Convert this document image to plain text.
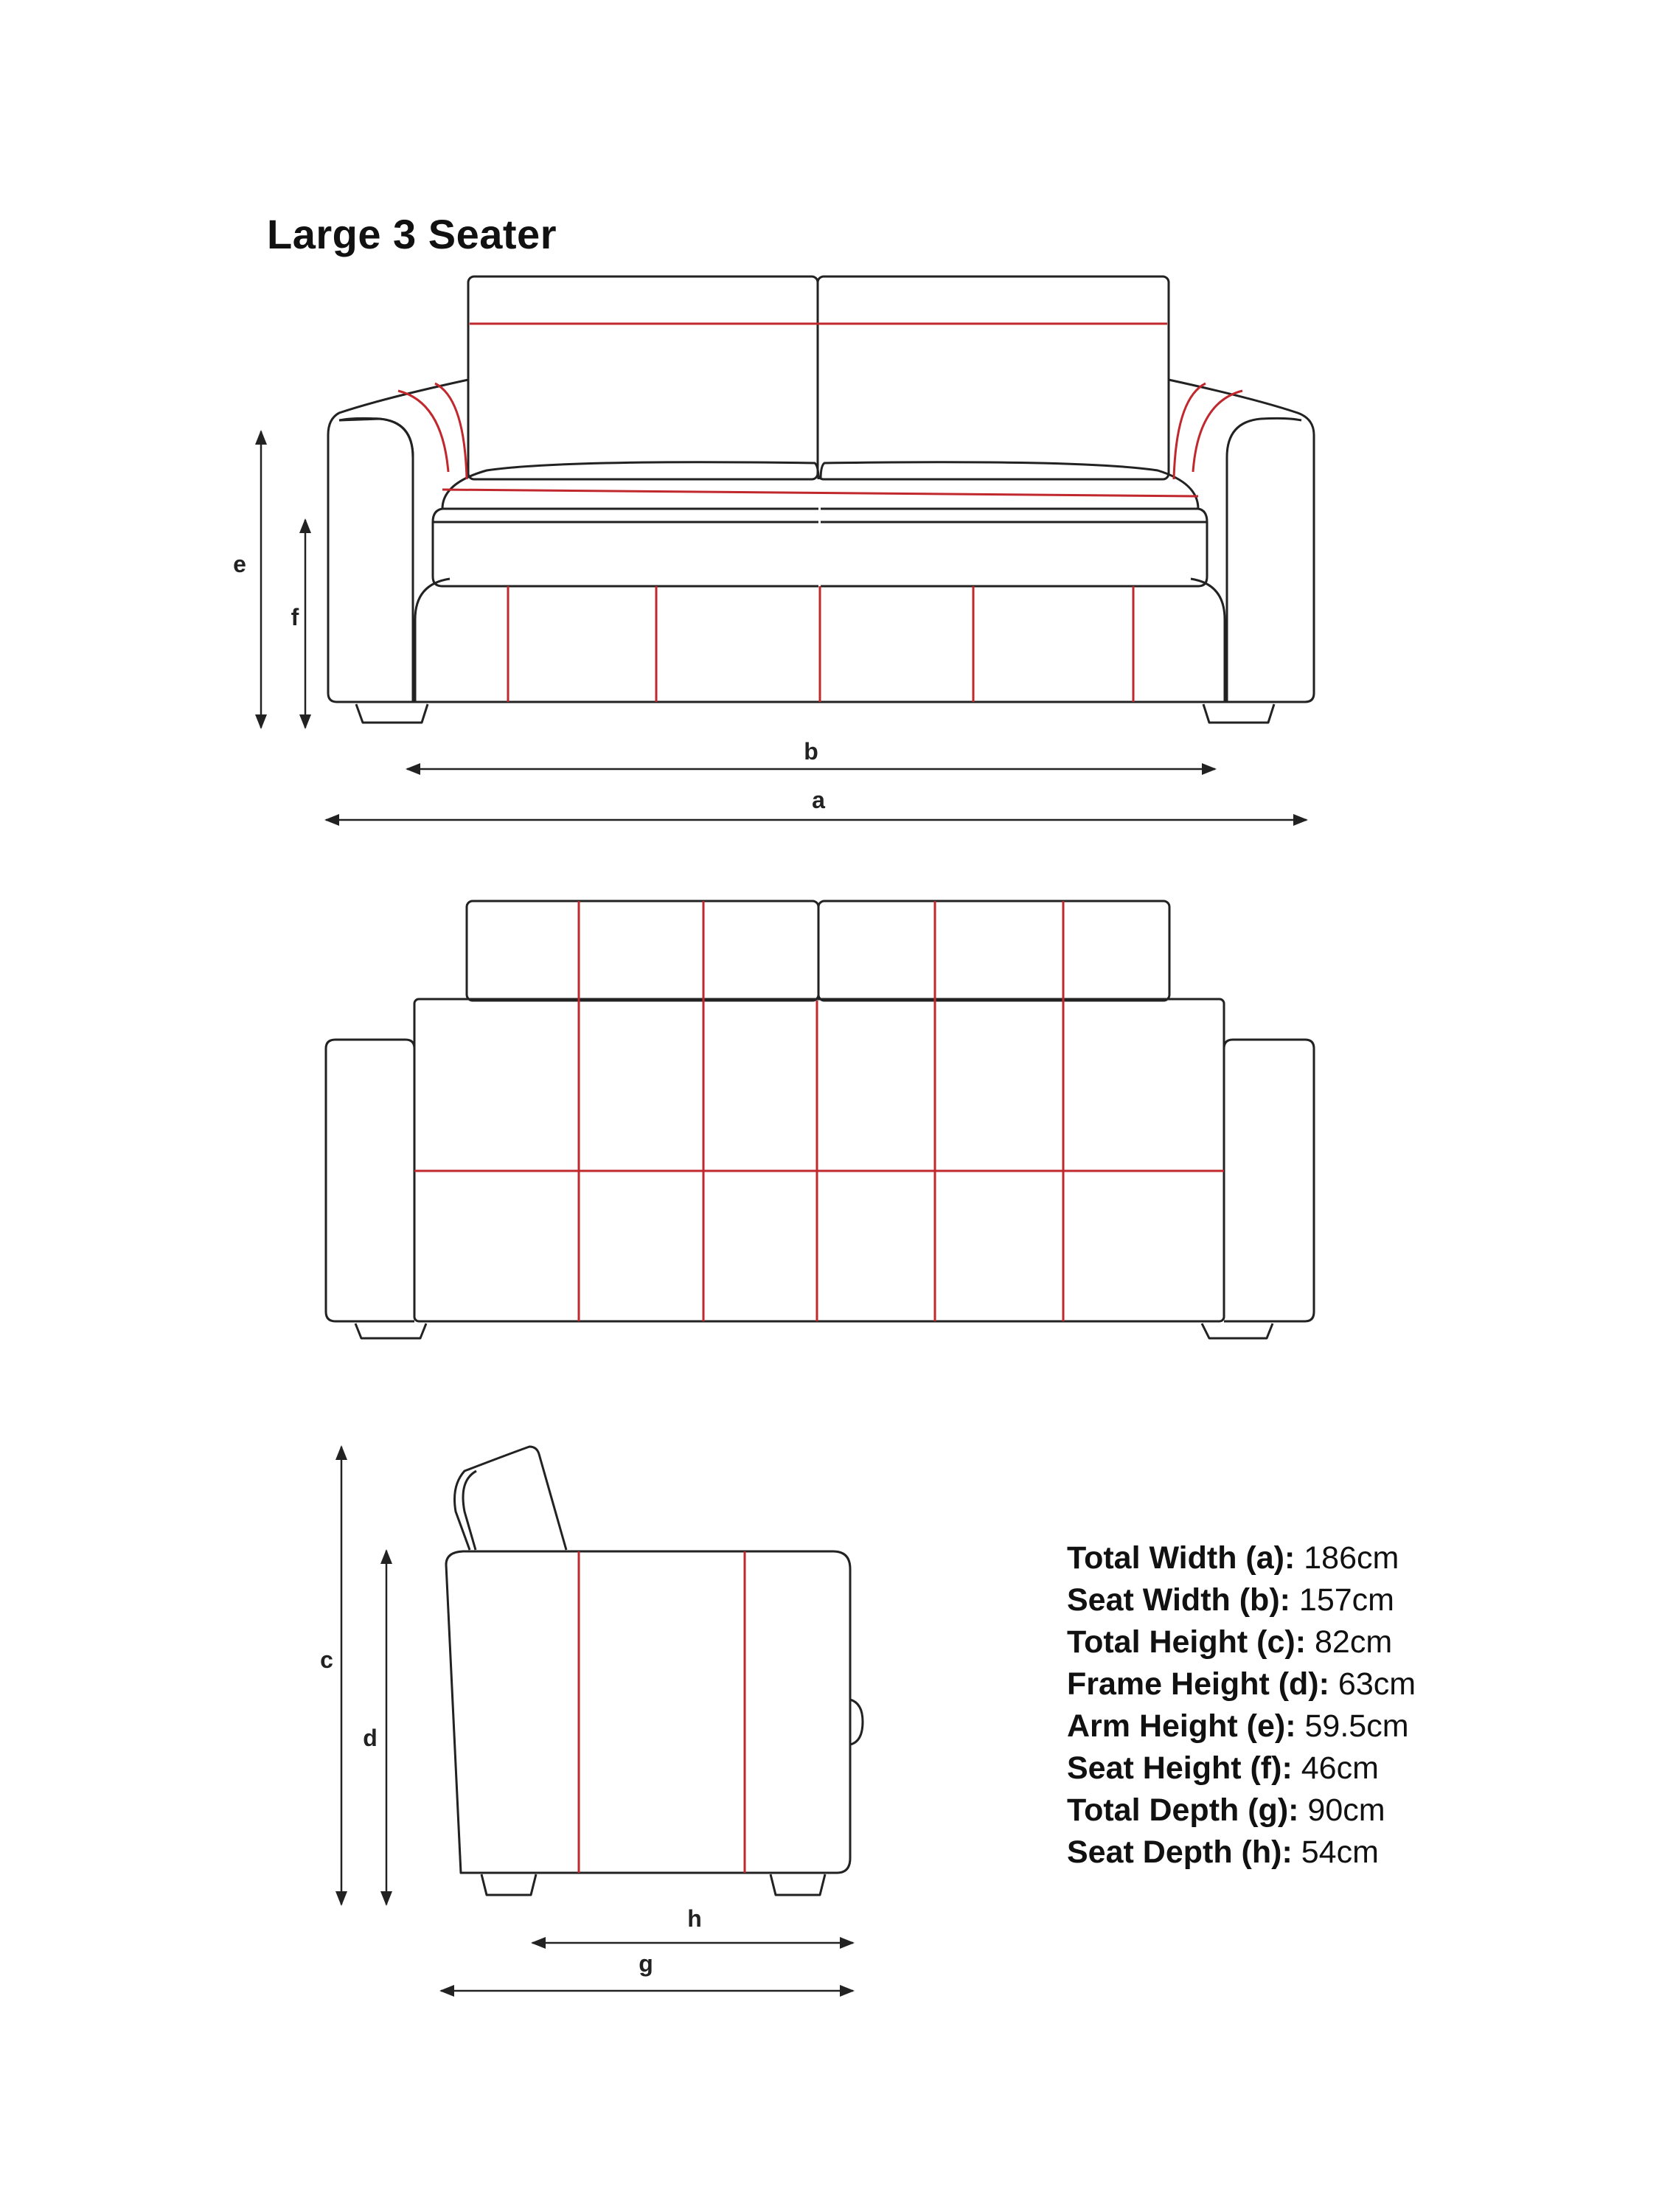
Large 3 Seater
e
f
b
a
c
d
h
g
Total Width (a): 186cm
Seat Width (b): 157cm
Total Height (c): 82cm
Frame Height (d): 63cm
Arm Height (e): 59.5cm
Seat Height (f): 46cm
Total Depth (g): 90cm
Seat Depth (h): 54cm
